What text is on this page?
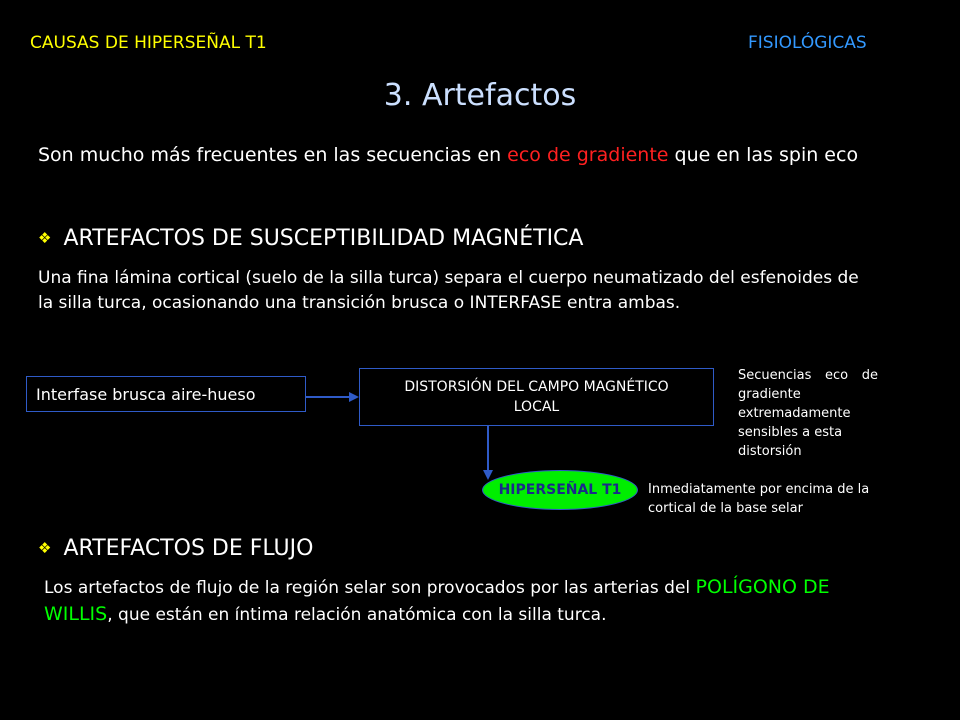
CAUSAS DE HIPERSEÑAL T1	FISIOLÓGICAS
3. Artefactos
Son mucho más frecuentes en las secuencias en eco de gradiente que en las spin eco
❖ ARTEFACTOS DE SUSCEPTIBILIDAD MAGNÉTICA
Una fina lámina cortical (suelo de la silla turca) separa el cuerpo neumatizado del esfenoides de
la silla turca, ocasionando una transición brusca o INTERFASE entra ambas.
Interfase brusca aire-hueso	DISTORSIÓN DEL CAMPO MAGNÉTICO
LOCAL
Secuencias eco de
gradiente
extremadamente
sensibles a esta
distorsión
HIPERSEÑAL T1 Inmediatamente por encima de la
cortical de la base selar
❖ ARTEFACTOS DE FLUJO
Los artefactos de flujo de la región selar son provocados por las arterias del POLÍGONO DE
WILLIS, que están en íntima relación anatómica con la silla turca.
